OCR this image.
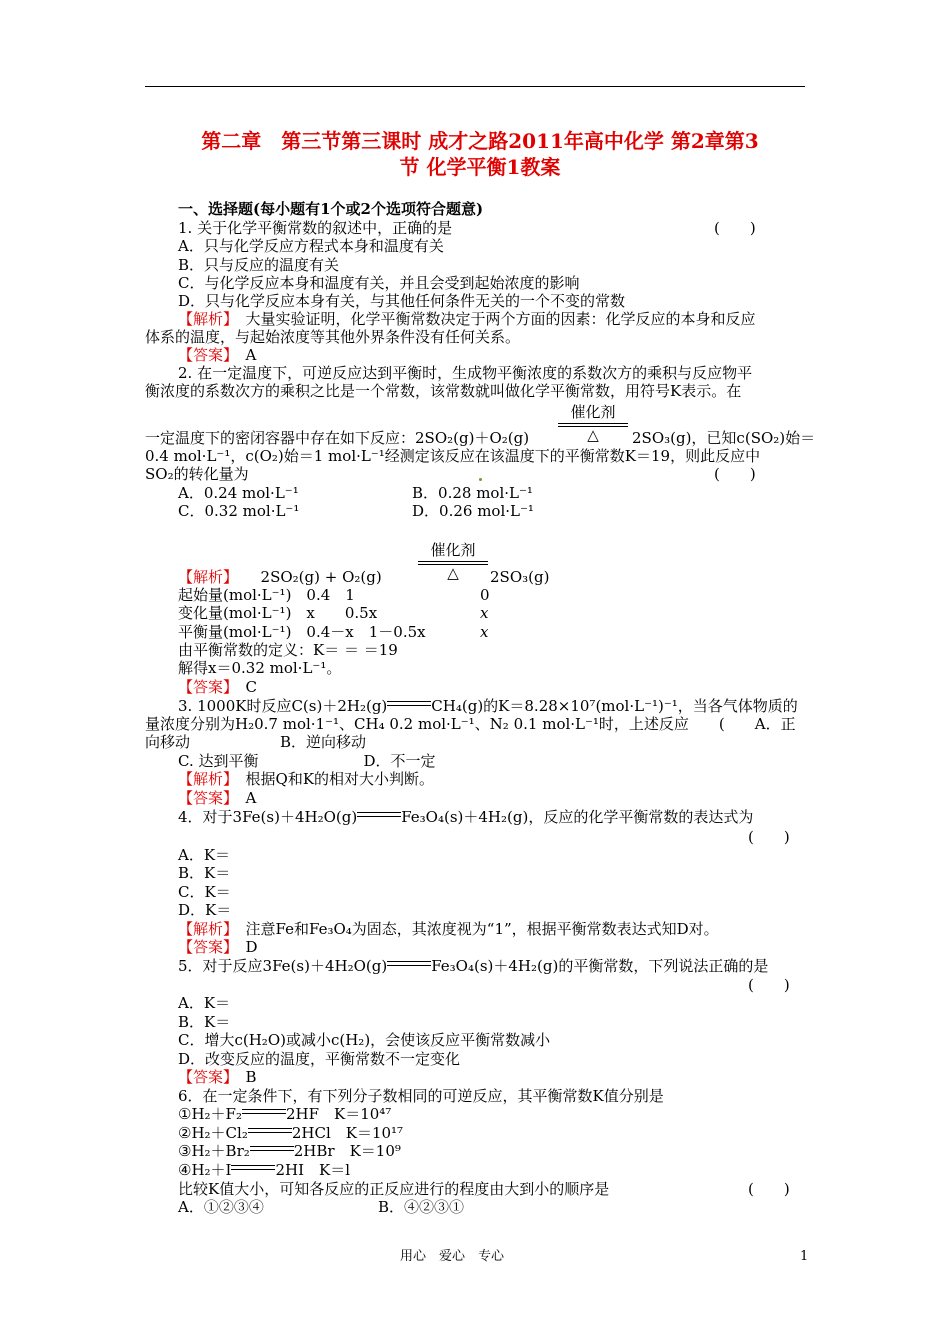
第二章　第三节第三课时 成才之路2011年高中化学 第2章第3
节 化学平衡1教案
一、选择题(每小题有1个或2个选项符合题意)
1. 关于化学平衡常数的叙述中，正确的是	(　　)
A．只与化学反应方程式本身和温度有关
B．只与反应的温度有关
C．与化学反应本身和温度有关，并且会受到起始浓度的影响
D．只与化学反应本身有关，与其他任何条件无关的一个不变的常数
【解析】　大量实验证明，化学平衡常数决定于两个方面的因素：化学反应的本身和反应
体系的温度，与起始浓度等其他外界条件没有任何关系。
【答案】　 A
2. 在一定温度下，可逆反应达到平衡时，生成物平衡浓度的系数次方的乘积与反应物平
衡浓度的系数次方的乘积之比是一个常数，该常数就叫做化学平衡常数，用符号K表示。在
催化剂
△
一定温度下的密闭容器中存在如下反应：2SO₂(g)＋O₂(g)	2SO₃(g)，已知c(SO₂)始＝
0.4 mol·L⁻¹，c(O₂)始＝1 mol·L⁻¹经测定该反应在该温度下的平衡常数K＝19，则此反应中
SO₂的转化量为	(　　)
A．0.24 mol·L⁻¹	B．0.28 mol·L⁻¹
C．0.32 mol·L⁻¹	D．0.26 mol·L⁻¹
催化剂
△
【解析】　　 2SO₂(g) + O₂(g)	2SO₃(g)
起始量(mol·L⁻¹)　0.4　1	0
变化量(mol·L⁻¹)　x　　0.5x	x
平衡量(mol·L⁻¹)　0.4－x　1－0.5x	x
由平衡常数的定义：K＝ ＝ ＝19
解得x＝0.32 mol·L⁻¹。
【答案】　 C
3. 1000K时反应C(s)＋2H₂(g)	CH₄(g)的K＝8.28×10⁷(mol·L⁻¹)⁻¹，当各气体物质的
量浓度分别为H₂0.7 mol·1⁻¹、CH₄ 0.2 mol·L⁻¹、N₂ 0.1 mol·L⁻¹时，上述反应　　(　　A．正
向移动　　　　　　B．逆向移动
C. 达到平衡　　　　　　　D．不一定
【解析】　根据Q和K的相对大小判断。
【答案】　 A
4．对于3Fe(s)＋4H₂O(g)	Fe₃O₄(s)＋4H₂(g)，反应的化学平衡常数的表达式为
(　　)
A．K＝
B．K＝
C．K＝
D．K＝
【解析】　注意Fe和Fe₃O₄为固态，其浓度视为“1”，根据平衡常数表达式知D对。
【答案】　 D
5．对于反应3Fe(s)＋4H₂O(g)	Fe₃O₄(s)＋4H₂(g)的平衡常数，下列说法正确的是
(　　)
A．K＝
B．K＝
C．增大c(H₂O)或减小c(H₂)，会使该反应平衡常数减小
D．改变反应的温度，平衡常数不一定变化
【答案】　 B
6．在一定条件下，有下列分子数相同的可逆反应，其平衡常数K值分别是
①H₂＋F₂	2HF　K＝10⁴⁷
②H₂＋Cl₂	2HCl　K＝10¹⁷
③H₂＋Br₂	2HBr　K＝10⁹
④H₂＋I	2HI　K＝l
比较K值大小，可知各反应的正反应进行的程度由大到小的顺序是	(　　)
A．①②③④	B．④②③①
用心　爱心　专心	1
